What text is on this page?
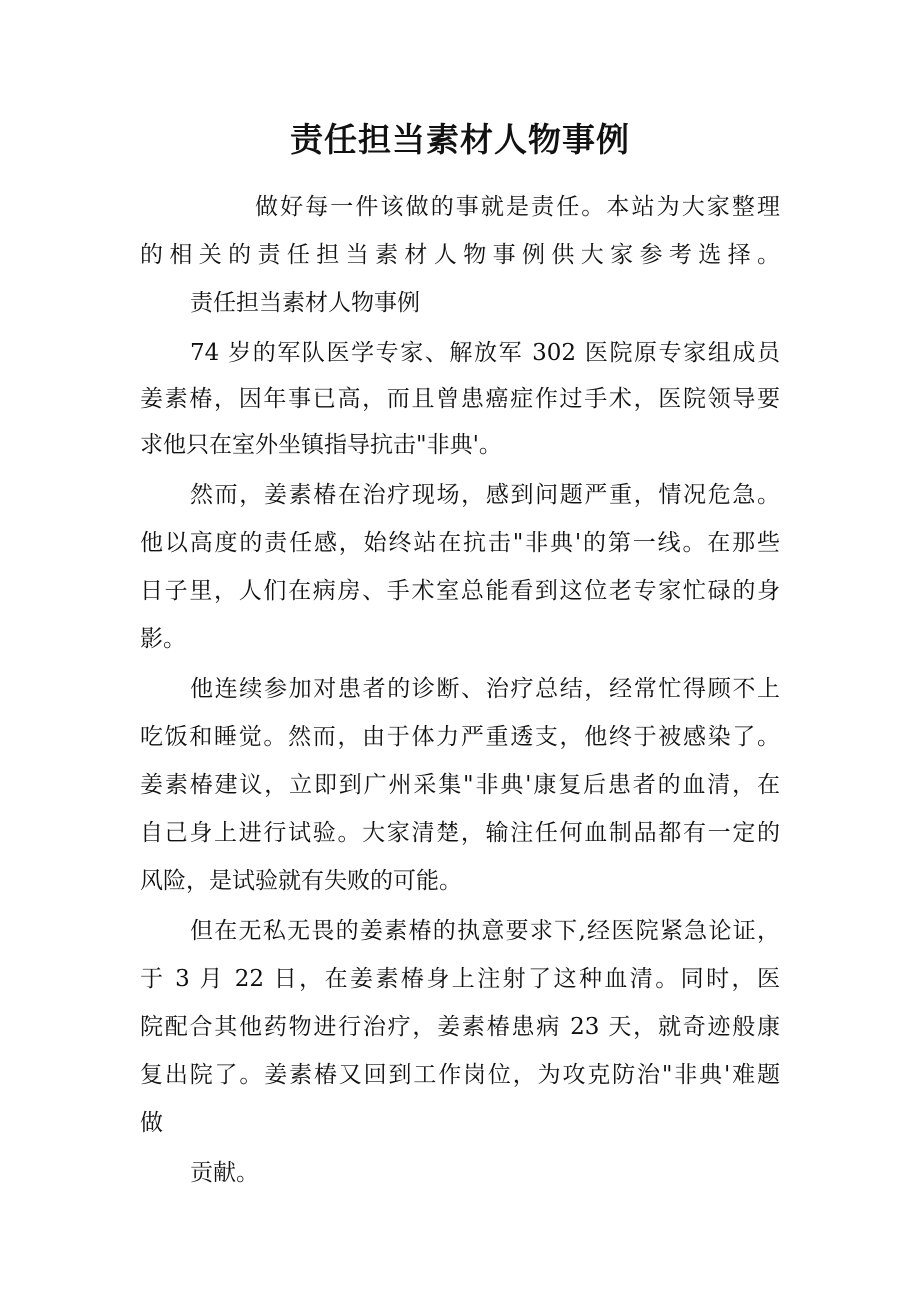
责任担当素材人物事例

做好每一件该做的事就是责任。本站为大家整理

的相关的责任担当素材人物事例供大家参考选择。

责任担当素材人物事例

74 岁的军队医学专家、解放军 302 医院原专家组成员

姜素椿，因年事已高，而且曾患癌症作过手术，医院领导要

求他只在室外坐镇指导抗击"非典'。

然而，姜素椿在治疗现场，感到问题严重，情况危急。

他以高度的责任感，始终站在抗击"非典'的第一线。在那些

日子里，人们在病房、手术室总能看到这位老专家忙碌的身

影。

他连续参加对患者的诊断、治疗总结，经常忙得顾不上

吃饭和睡觉。然而，由于体力严重透支，他终于被感染了。

姜素椿建议，立即到广州采集"非典'康复后患者的血清，在

自己身上进行试验。大家清楚，输注任何血制品都有一定的

风险，是试验就有失败的可能。

但在无私无畏的姜素椿的执意要求下,经医院紧急论证，

于 3 月 22 日，在姜素椿身上注射了这种血清。同时，医

院配合其他药物进行治疗，姜素椿患病 23 天，就奇迹般康

复出院了。姜素椿又回到工作岗位，为攻克防治"非典'难题

做

贡献。
